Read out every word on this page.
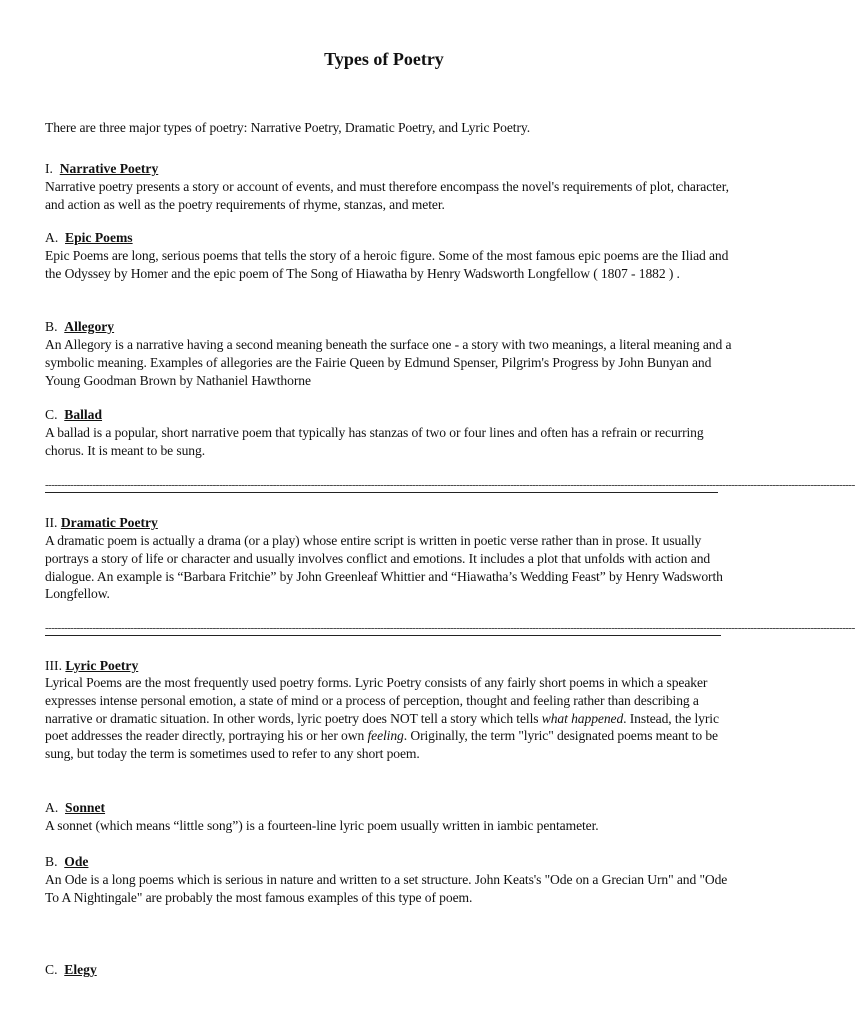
Types of Poetry

There are three major types of poetry: Narrative Poetry, Dramatic Poetry, and Lyric Poetry.

I. Narrative Poetry

Narrative poetry presents a story or account of events, and must therefore encompass the novel's requirements of plot, character, and action as well as the poetry requirements of rhyme, stanzas, and meter.

A. Epic Poems

Epic Poems are long, serious poems that tells the story of a heroic figure. Some of the most famous epic poems are the Iliad and the Odyssey by Homer and the epic poem of The Song of Hiawatha by Henry Wadsworth Longfellow ( 1807 - 1882 ) .

B. Allegory

An Allegory is a narrative having a second meaning beneath the surface one - a story with two meanings, a literal meaning and a symbolic meaning. Examples of allegories are the Fairie Queen by Edmund Spenser, Pilgrim's Progress by John Bunyan and Young Goodman Brown by Nathaniel Hawthorne

C. Ballad

A ballad is a popular, short narrative poem that typically has stanzas of two or four lines and often has a refrain or recurring chorus. It is meant to be sung.

----------------------------------------------------------------------------------------------------------------------------------------------------------------------------------------------------------------------------------------------------------------

II. Dramatic Poetry

A dramatic poem is actually a drama (or a play) whose entire script is written in poetic verse rather than in prose. It usually portrays a story of life or character and usually involves conflict and emotions. It includes a plot that unfolds with action and dialogue. An example is “Barbara Fritchie” by John Greenleaf Whittier and “Hiawatha’s Wedding Feast” by Henry Wadsworth Longfellow.

----------------------------------------------------------------------------------------------------------------------------------------------------------------------------------------------------------------------------------------------------------------

III. Lyric Poetry

Lyrical Poems are the most frequently used poetry forms. Lyric Poetry consists of any fairly short poems in which a speaker expresses intense personal emotion, a state of mind or a process of perception, thought and feeling rather than describing a narrative or dramatic situation. In other words, lyric poetry does NOT tell a story which tells what happened. Instead, the lyric poet addresses the reader directly, portraying his or her own feeling. Originally, the term "lyric" designated poems meant to be sung, but today the term is sometimes used to refer to any short poem.

A. Sonnet

A sonnet (which means “little song”) is a fourteen-line lyric poem usually written in iambic pentameter.

B. Ode

An Ode is a long poems which is serious in nature and written to a set structure. John Keats's "Ode on a Grecian Urn" and "Ode To A Nightingale" are probably the most famous examples of this type of poem.

C. Elegy
